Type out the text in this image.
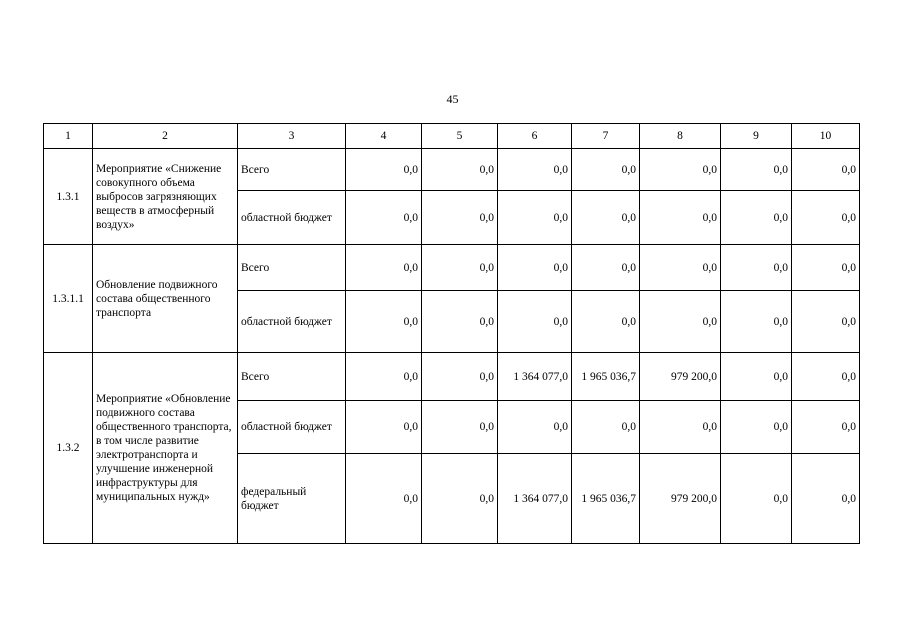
45
1	2	3	4	5	6	7	8	9	10
1.3.1	Мероприятие «Снижение совокупного объема выбросов загрязняющих веществ в атмосферный воздух»	Всего	0,0	0,0	0,0	0,0	0,0	0,0	0,0
		областной бюджет	0,0	0,0	0,0	0,0	0,0	0,0	0,0
1.3.1.1	Обновление подвижного состава общественного транспорта	Всего	0,0	0,0	0,0	0,0	0,0	0,0	0,0
		областной бюджет	0,0	0,0	0,0	0,0	0,0	0,0	0,0
1.3.2	Мероприятие «Обновление подвижного состава общественного транспорта, в том числе развитие электротранспорта и улучшение инженерной инфраструктуры для муниципальных нужд»	Всего	0,0	0,0	1 364 077,0	1 965 036,7	979 200,0	0,0	0,0
		областной бюджет	0,0	0,0	0,0	0,0	0,0	0,0	0,0
		федеральный бюджет	0,0	0,0	1 364 077,0	1 965 036,7	979 200,0	0,0	0,0
